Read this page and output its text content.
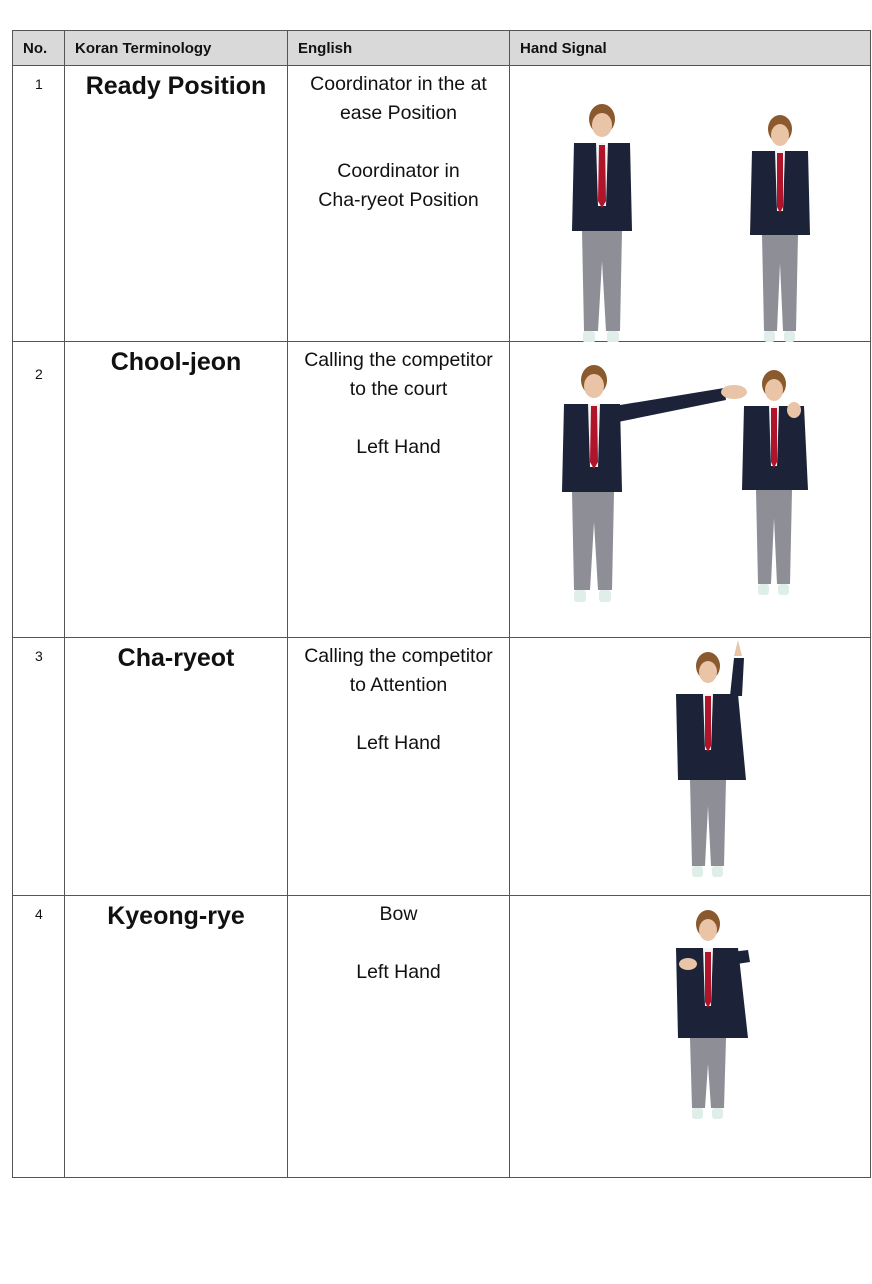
No.	Koran Terminology	English	Hand Signal
1	Ready Position	Coordinator in the at
ease Position
Coordinator in
Cha-ryeot Position

2	Chool-jeon	Calling the competitor
to the court
Left Hand

3	Cha-ryeot	Calling the competitor
to Attention
Left Hand

4	Kyeong-rye	Bow
Left Hand
